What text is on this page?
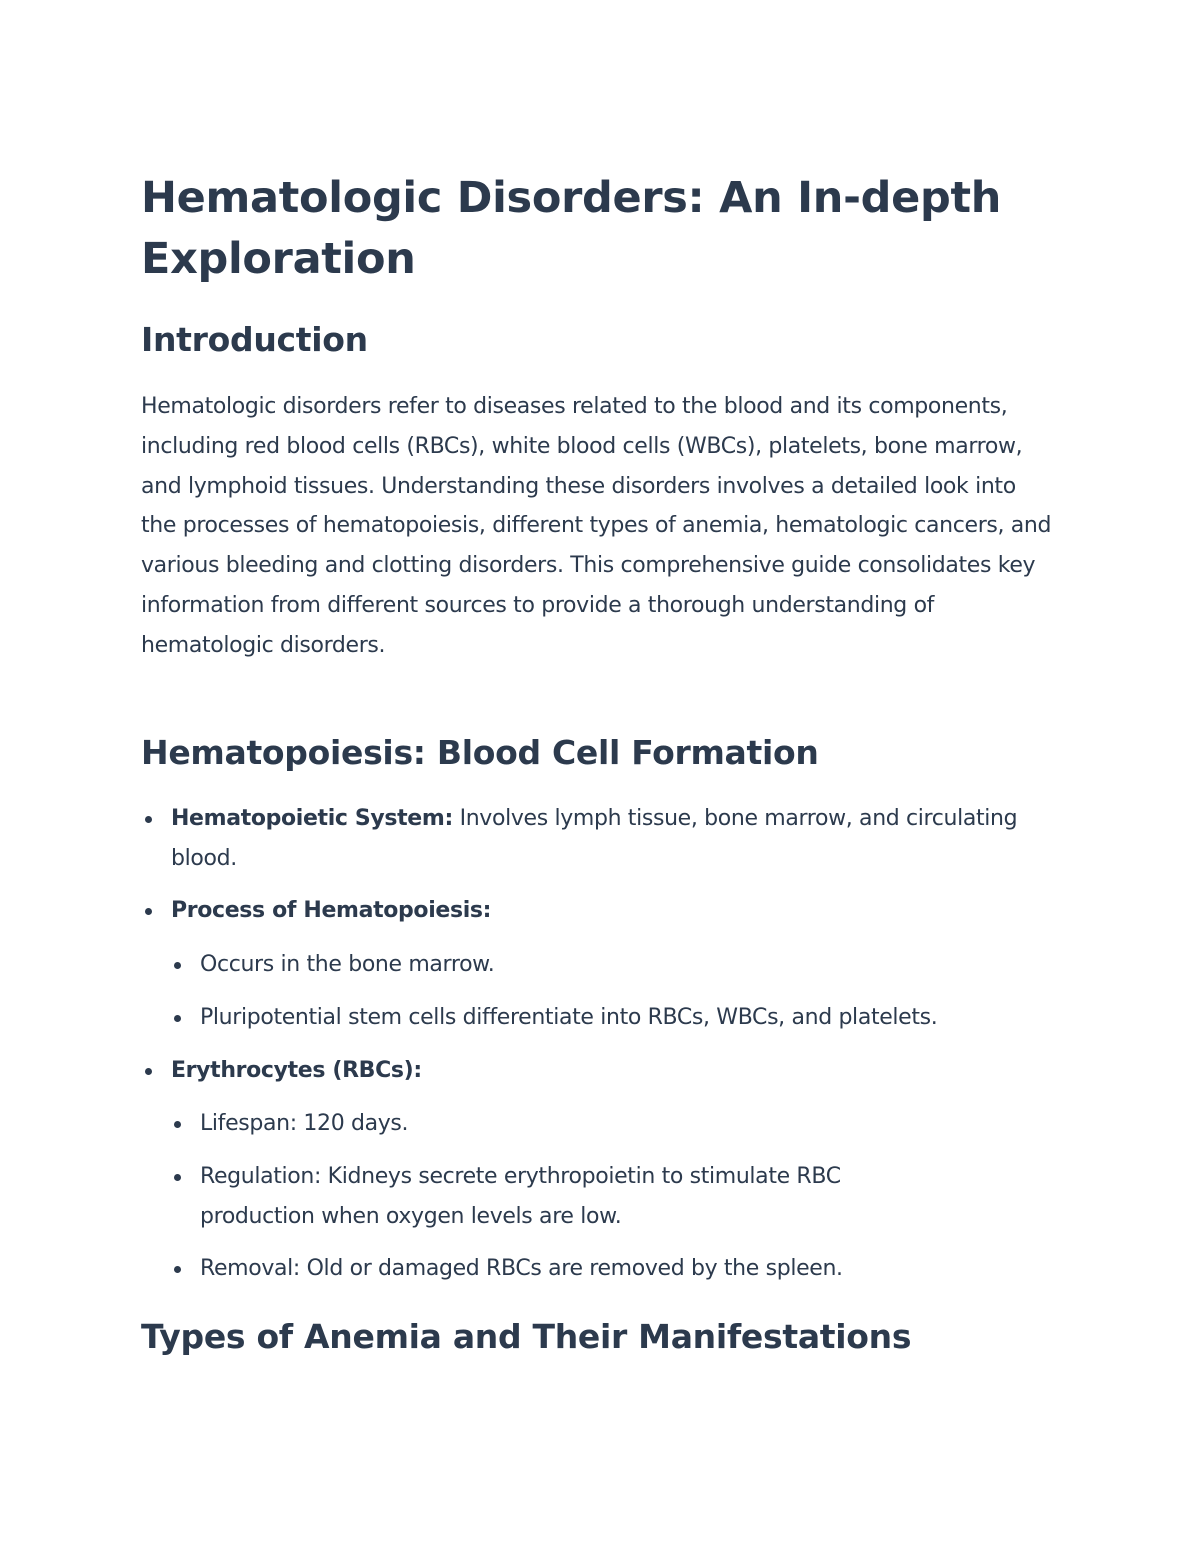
Hematologic Disorders: An In-depth Exploration
Introduction

Hematologic disorders refer to diseases related to the blood and its components, including red blood cells (RBCs), white blood cells (WBCs), platelets, bone marrow, and lymphoid tissues. Understanding these disorders involves a detailed look into the processes of hematopoiesis, different types of anemia, hematologic cancers, and various bleeding and clotting disorders. This comprehensive guide consolidates key information from different sources to provide a thorough understanding of hematologic disorders.

Hematopoiesis: Blood Cell Formation
Hematopoietic System: Involves lymph tissue, bone marrow, and circulating blood.
Process of Hematopoiesis:
Occurs in the bone marrow.
Pluripotential stem cells differentiate into RBCs, WBCs, and platelets.
Erythrocytes (RBCs):
Lifespan: 120 days.
Regulation: Kidneys secrete erythropoietin to stimulate RBC production when oxygen levels are low.
Removal: Old or damaged RBCs are removed by the spleen.
Types of Anemia and Their Manifestations
